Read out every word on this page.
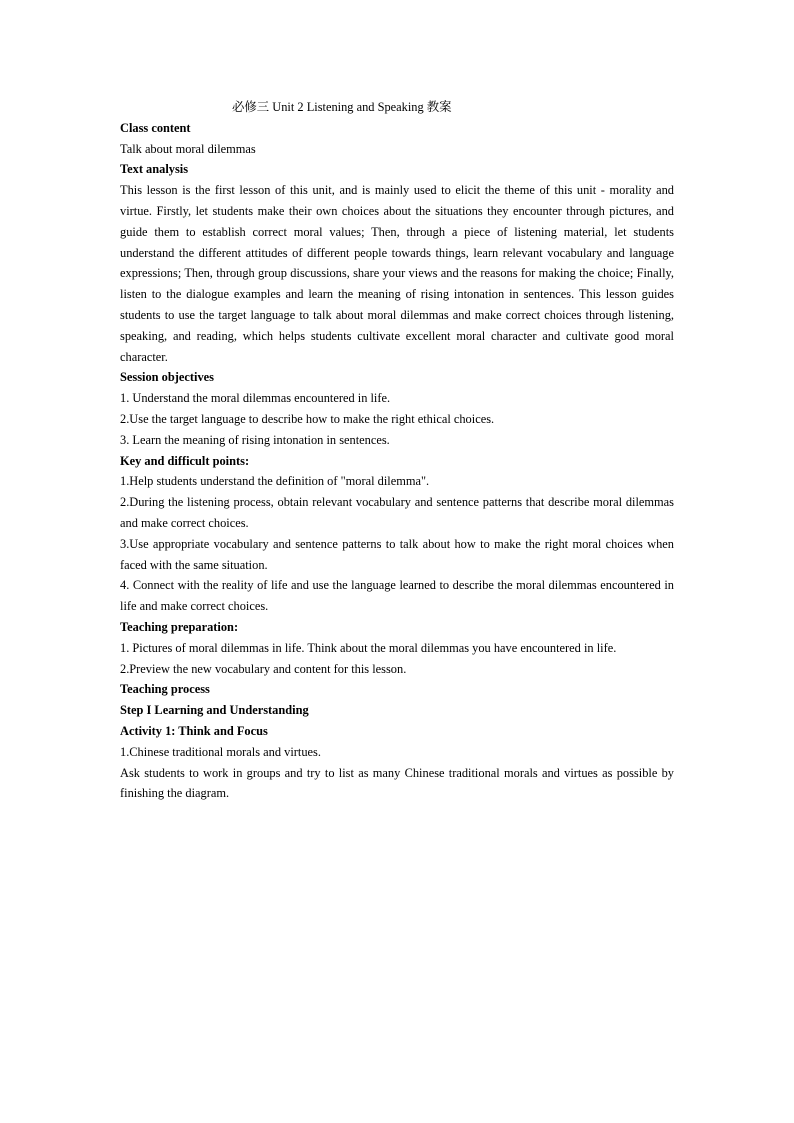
必修三 Unit 2 Listening and Speaking 教案

Class content

Talk about moral dilemmas

Text analysis

This lesson is the first lesson of this unit, and is mainly used to elicit the theme of this unit - morality and virtue. Firstly, let students make their own choices about the situations they encounter through pictures, and guide them to establish correct moral values; Then, through a piece of listening material, let students understand the different attitudes of different people towards things, learn relevant vocabulary and language expressions; Then, through group discussions, share your views and the reasons for making the choice; Finally, listen to the dialogue examples and learn the meaning of rising intonation in sentences. This lesson guides students to use the target language to talk about moral dilemmas and make correct choices through listening, speaking, and reading, which helps students cultivate excellent moral character and cultivate good moral character.

Session objectives

1. Understand the moral dilemmas encountered in life.

2.Use the target language to describe how to make the right ethical choices.

3. Learn the meaning of rising intonation in sentences.

Key and difficult points:

1.Help students understand the definition of "moral dilemma".

2.During the listening process, obtain relevant vocabulary and sentence patterns that describe moral dilemmas and make correct choices.

3.Use appropriate vocabulary and sentence patterns to talk about how to make the right moral choices when faced with the same situation.

4. Connect with the reality of life and use the language learned to describe the moral dilemmas encountered in life and make correct choices.

Teaching preparation:

1. Pictures of moral dilemmas in life. Think about the moral dilemmas you have encountered in life.

2.Preview the new vocabulary and content for this lesson.

Teaching process

Step I Learning and Understanding

Activity 1: Think and Focus

1.Chinese traditional morals and virtues.

Ask students to work in groups and try to list as many Chinese traditional morals and virtues as possible by finishing the diagram.
